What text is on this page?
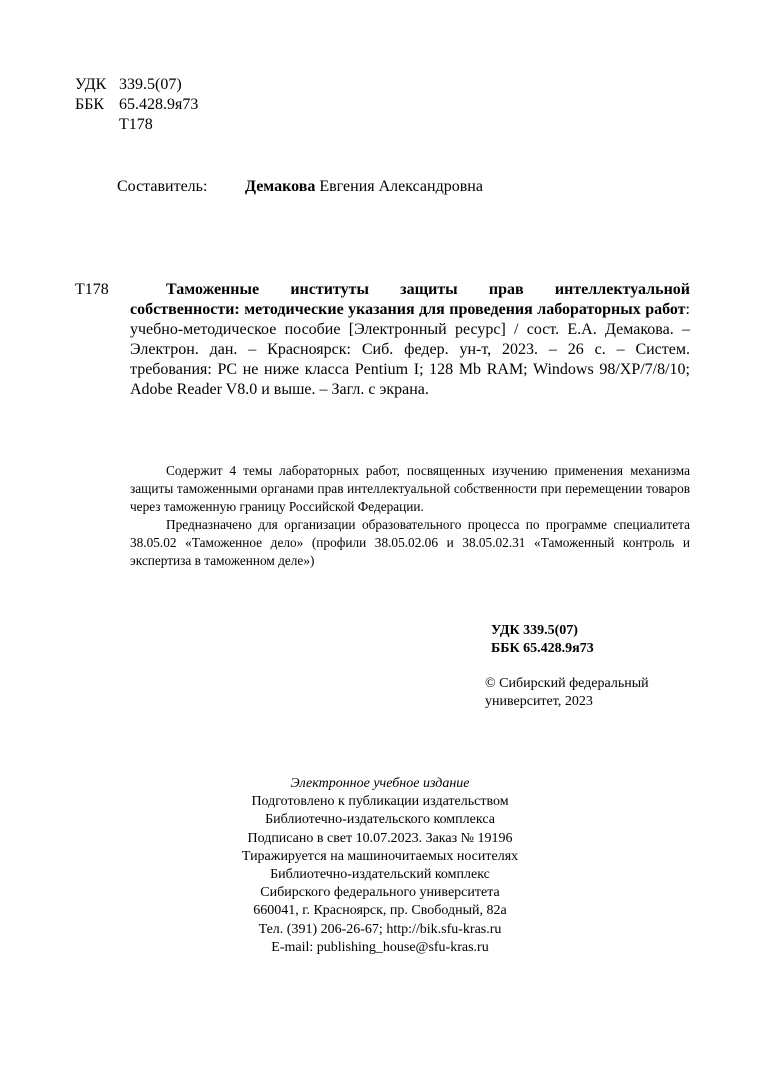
УДК 339.5(07)
ББК 65.428.9я73
Т178
Составитель: Демакова Евгения Александровна
Т178	Таможенные институты защиты прав интеллектуальной собственности: методические указания для проведения лабораторных работ: учебно-методическое пособие [Электронный ресурс] / сост. Е.А. Демакова. – Электрон. дан. – Красноярск: Сиб. федер. ун-т, 2023. – 26 с. – Систем. требования: PC не ниже класса Pentium I; 128 Mb RAM; Windows 98/XP/7/8/10; Adobe Reader V8.0 и выше. – Загл. с экрана.

Содержит 4 темы лабораторных работ, посвященных изучению применения механизма защиты таможенными органами прав интеллектуальной собственности при перемещении товаров через таможенную границу Российской Федерации.

Предназначено для организации образовательного процесса по программе специалитета 38.05.02 «Таможенное дело» (профили 38.05.02.06 и 38.05.02.31 «Таможенный контроль и экспертиза в таможенном деле»)

УДК 339.5(07)
ББК 65.428.9я73
© Сибирский федеральный
университет, 2023
Электронное учебное издание
Подготовлено к публикации издательством
Библиотечно-издательского комплекса
Подписано в свет 10.07.2023. Заказ № 19196
Тиражируется на машиночитаемых носителях
Библиотечно-издательский комплекс
Сибирского федерального университета
660041, г. Красноярск, пр. Свободный, 82а
Тел. (391) 206-26-67; http://bik.sfu-kras.ru
E-mail: publishing_house@sfu-kras.ru
